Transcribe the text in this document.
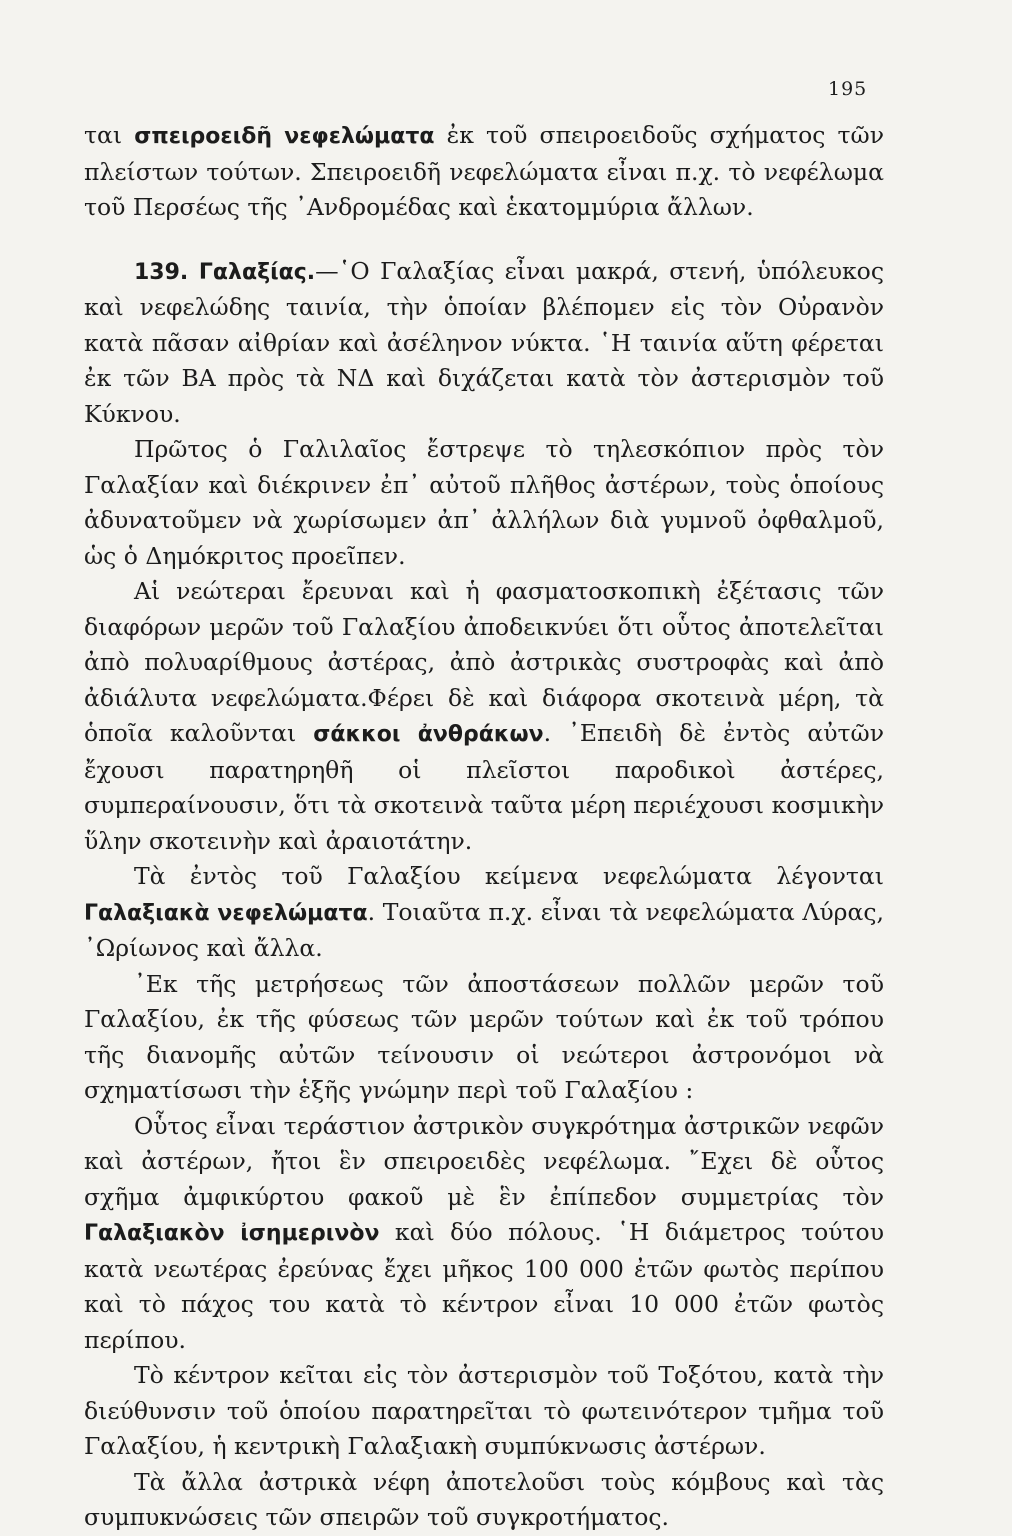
195

ται σπειροειδῆ νεφελώματα ἐκ τοῦ σπειροειδοῦς σχήματος τῶν πλείστων τούτων. Σπειροειδῆ νεφελώματα εἶναι π.χ. τὸ νεφέλωμα τοῦ Περσέως τῆς ᾿Ανδρομέδας καὶ ἑκατομμύρια ἄλλων.

139. Γαλαξίας.—῾Ο Γαλαξίας εἶναι μακρά, στενή, ὑπόλευκος καὶ νεφελώδης ταινία, τὴν ὁποίαν βλέπομεν εἰς τὸν Οὐρανὸν κατὰ πᾶσαν αἰθρίαν καὶ ἀσέληνον νύκτα. ῾Η ταινία αὕτη φέρεται ἐκ τῶν ΒΑ πρὸς τὰ ΝΔ καὶ διχάζεται κατὰ τὸν ἀστερισμὸν τοῦ Κύκνου.

Πρῶτος ὁ Γαλιλαῖος ἔστρεψε τὸ τηλεσκόπιον πρὸς τὸν Γαλαξίαν καὶ διέκρινεν ἐπ᾿ αὐτοῦ πλῆθος ἀστέρων, τοὺς ὁποίους ἀδυνατοῦμεν νὰ χωρίσωμεν ἀπ᾿ ἀλλήλων διὰ γυμνοῦ ὀφθαλμοῦ, ὡς ὁ Δημόκριτος προεῖπεν.

Αἱ νεώτεραι ἔρευναι καὶ ἡ φασματοσκοπικὴ ἐξέτασις τῶν διαφόρων μερῶν τοῦ Γαλαξίου ἀποδεικνύει ὅτι οὗτος ἀποτελεῖται ἀπὸ πολυαρίθμους ἀστέρας, ἀπὸ ἀστρικὰς συστροφὰς καὶ ἀπὸ ἀδιάλυτα νεφελώματα.Φέρει δὲ καὶ διάφορα σκοτεινὰ μέρη, τὰ ὁποῖα καλοῦνται σάκκοι ἀνθράκων. ᾿Επειδὴ δὲ ἐντὸς αὐτῶν ἔχουσι παρατηρηθῆ οἱ πλεῖστοι παροδικοὶ ἀστέρες, συμπεραίνουσιν, ὅτι τὰ σκοτεινὰ ταῦτα μέρη περιέχουσι κοσμικὴν ὕλην σκοτεινὴν καὶ ἀραιοτάτην.

Τὰ ἐντὸς τοῦ Γαλαξίου κείμενα νεφελώματα λέγονται Γαλαξιακὰ νεφελώματα. Τοιαῦτα π.χ. εἶναι τὰ νεφελώματα Λύρας, ᾿Ωρίωνος καὶ ἄλλα.

᾿Εκ τῆς μετρήσεως τῶν ἀποστάσεων πολλῶν μερῶν τοῦ Γαλαξίου, ἐκ τῆς φύσεως τῶν μερῶν τούτων καὶ ἐκ τοῦ τρόπου τῆς διανομῆς αὐτῶν τείνουσιν οἱ νεώτεροι ἀστρονόμοι νὰ σχηματίσωσι τὴν ἑξῆς γνώμην περὶ τοῦ Γαλαξίου :

Οὗτος εἶναι τεράστιον ἀστρικὸν συγκρότημα ἀστρικῶν νεφῶν καὶ ἀστέρων, ἤτοι ἓν σπειροειδὲς νεφέλωμα. ῎Εχει δὲ οὗτος σχῆμα ἀμφικύρτου φακοῦ μὲ ἓν ἐπίπεδον συμμετρίας τὸν Γαλαξιακὸν ἰσημερινὸν καὶ δύο πόλους. ῾Η διάμετρος τούτου κατὰ νεωτέρας ἐρεύνας ἔχει μῆκος 100 000 ἐτῶν φωτὸς περίπου καὶ τὸ πάχος του κατὰ τὸ κέντρον εἶναι 10 000 ἐτῶν φωτὸς περίπου.

Τὸ κέντρον κεῖται εἰς τὸν ἀστερισμὸν τοῦ Τοξότου, κατὰ τὴν διεύθυνσιν τοῦ ὁποίου παρατηρεῖται τὸ φωτεινότερον τμῆμα τοῦ Γαλαξίου, ἡ κεντρικὴ Γαλαξιακὴ συμπύκνωσις ἀστέρων.

Τὰ ἄλλα ἀστρικὰ νέφη ἀποτελοῦσι τοὺς κόμβους καὶ τὰς συμπυκνώσεις τῶν σπειρῶν τοῦ συγκροτήματος.
